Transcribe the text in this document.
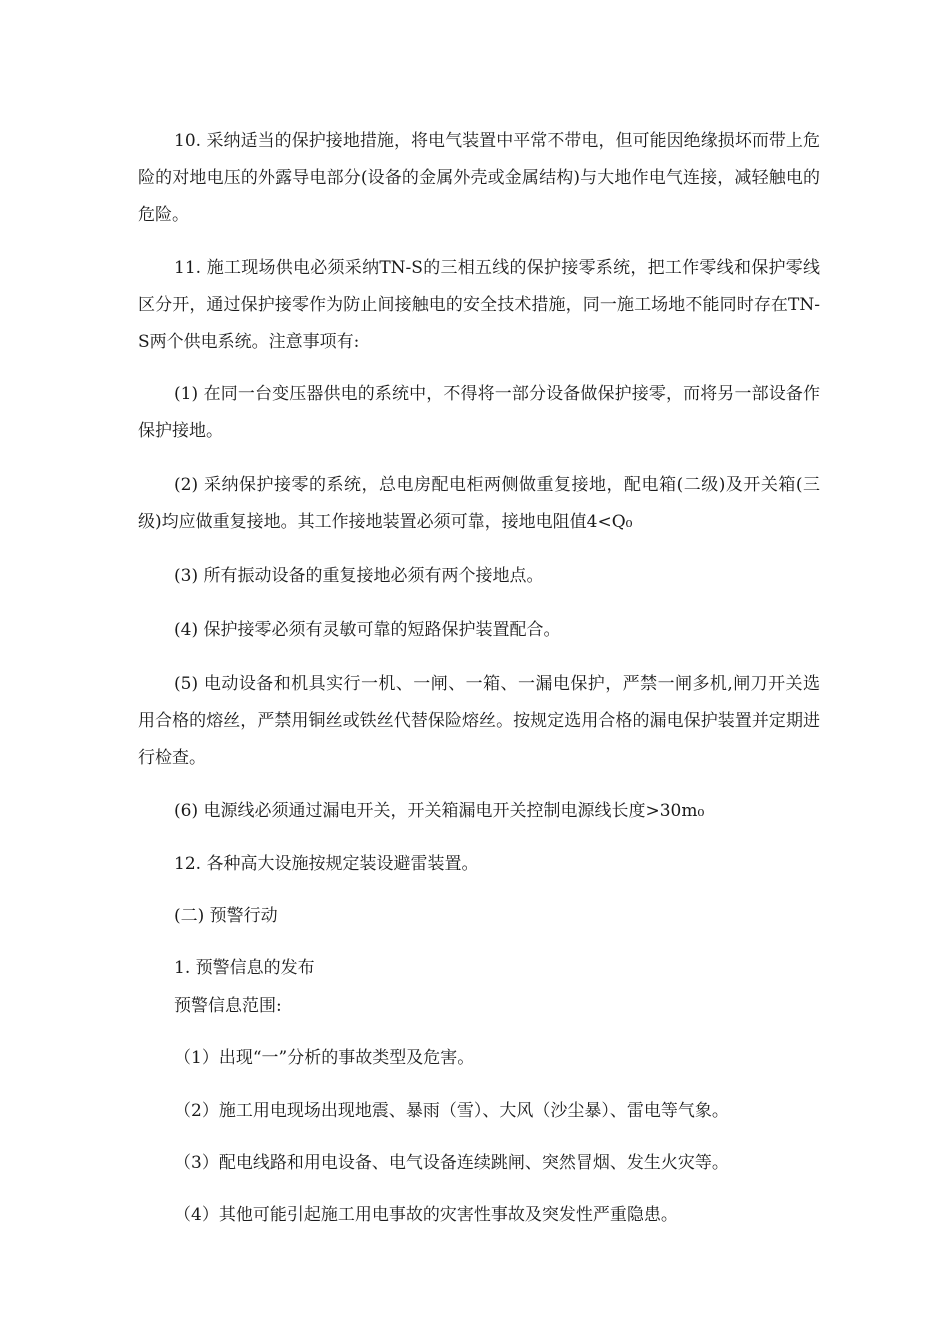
10. 采纳适当的保护接地措施，将电气装置中平常不带电，但可能因绝缘损坏而带上危险的对地电压的外露导电部分(设备的金属外壳或金属结构)与大地作电气连接，减轻触电的危险。

11. 施工现场供电必须采纳TN-S的三相五线的保护接零系统，把工作零线和保护零线区分开，通过保护接零作为防止间接触电的安全技术措施，同一施工场地不能同时存在TN-S两个供电系统。注意事项有:

(1) 在同一台变压器供电的系统中，不得将一部分设备做保护接零，而将另一部设备作保护接地。

(2) 采纳保护接零的系统，总电房配电柜两侧做重复接地，配电箱(二级)及开关箱(三级)均应做重复接地。其工作接地装置必须可靠，接地电阻值4<Q₀

(3) 所有振动设备的重复接地必须有两个接地点。

(4) 保护接零必须有灵敏可靠的短路保护装置配合。

(5) 电动设备和机具实行一机、一闸、一箱、一漏电保护，严禁一闸多机,闸刀开关选用合格的熔丝，严禁用铜丝或铁丝代替保险熔丝。按规定选用合格的漏电保护装置并定期进行检查。

(6) 电源线必须通过漏电开关，开关箱漏电开关控制电源线长度>30m₀

12. 各种高大设施按规定装设避雷装置。

(二) 预警行动

1. 预警信息的发布

预警信息范围:

（1）出现“一”分析的事故类型及危害。

（2）施工用电现场出现地震、暴雨（雪）、大风（沙尘暴）、雷电等气象。

（3）配电线路和用电设备、电气设备连续跳闸、突然冒烟、发生火灾等。

（4）其他可能引起施工用电事故的灾害性事故及突发性严重隐患。
